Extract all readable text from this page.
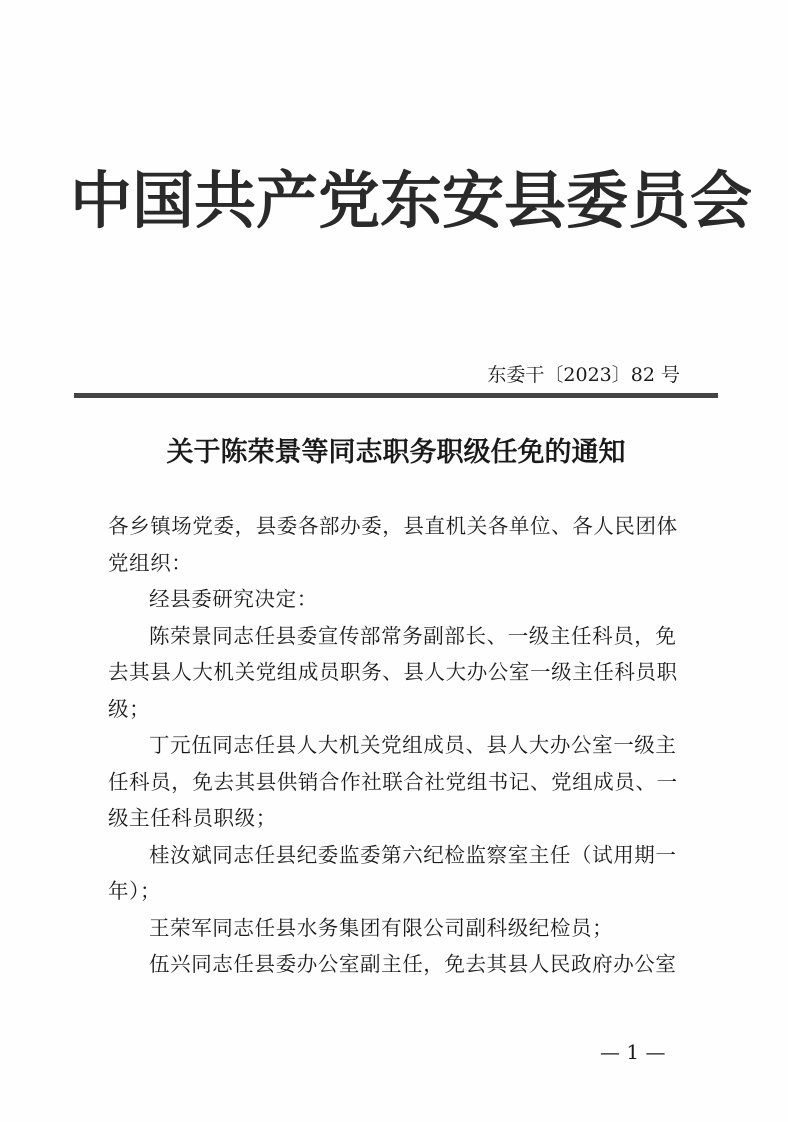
中国共产党东安县委员会
东委干〔2023〕82 号
关于陈荣景等同志职务职级任免的通知

各乡镇场党委，县委各部办委，县直机关各单位、各人民团体党组织：

经县委研究决定：

陈荣景同志任县委宣传部常务副部长、一级主任科员，免去其县人大机关党组成员职务、县人大办公室一级主任科员职级；

丁元伍同志任县人大机关党组成员、县人大办公室一级主任科员，免去其县供销合作社联合社党组书记、党组成员、一级主任科员职级；

桂汝斌同志任县纪委监委第六纪检监察室主任（试用期一年）；

王荣军同志任县水务集团有限公司副科级纪检员；

伍兴同志任县委办公室副主任，免去其县人民政府办公室

— 1 —
